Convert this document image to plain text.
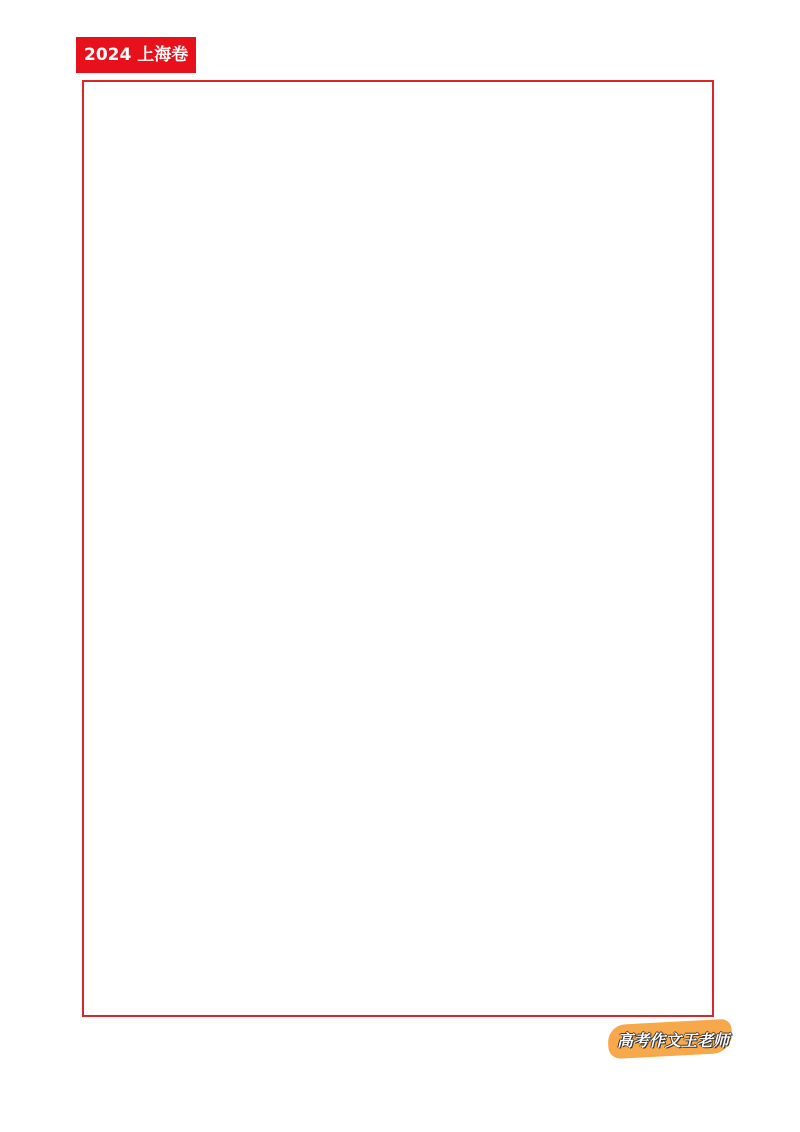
2024 上海卷
高考作文王老师
